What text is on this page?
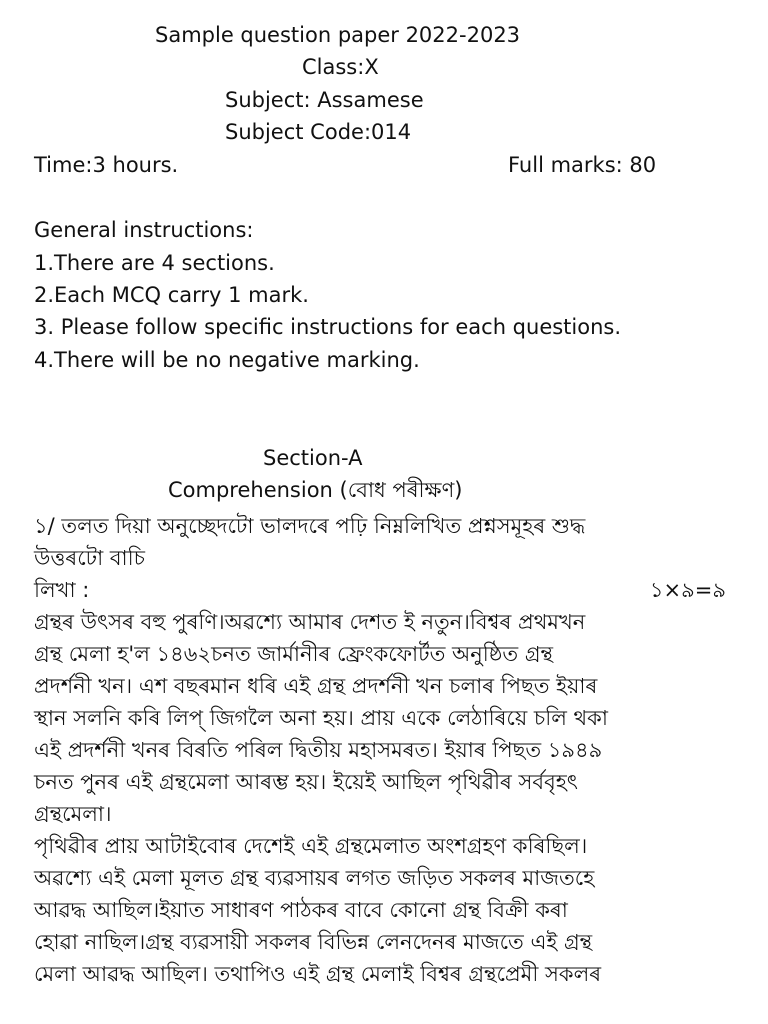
Sample question paper 2022-2023
Class:X
Subject: Assamese
Subject Code:014
Time:3 hours.	Full marks: 80
General instructions:
1.There are 4 sections.
2.Each MCQ carry 1 mark.
3. Please follow specific instructions for each questions.
4.There will be no negative marking.
Section-A
Comprehension (বোধ পৰীক্ষণ)
১/ তলত দিয়া অনুচ্ছেদটো ভালদৰে পঢ়ি নিম্নলিখিত প্ৰশ্নসমূহৰ শুদ্ধ
উত্তৰটো বাচি
লিখা :	১×৯=৯
গ্ৰন্থৰ উৎসৰ বহু পুৰণি।অৱশ্যে আমাৰ দেশত ই নতুন।বিশ্বৰ প্ৰথমখন
গ্ৰন্থ মেলা হ'ল ১৪৬২চনত জাৰ্মানীৰ ফ্ৰেংকফোৰ্টত অনুষ্ঠিত গ্ৰন্থ
প্ৰদৰ্শনী খন। এশ বছৰমান ধৰি এই গ্ৰন্থ প্ৰদৰ্শনী খন চলাৰ পিছত ইয়াৰ
স্থান সলনি কৰি লিপ্‌ জিগলৈ অনা হয়। প্ৰায় একে লেঠাৰিয়ে চলি থকা
এই প্ৰদৰ্শনী খনৰ বিৰতি পৰিল দ্বিতীয় মহাসমৰত। ইয়াৰ পিছত ১৯৪৯
চনত পুনৰ এই গ্ৰন্থমেলা আৰম্ভ হয়। ইয়েই আছিল পৃথিৱীৰ সৰ্ববৃহৎ
গ্ৰন্থমেলা।
পৃথিৱীৰ প্ৰায় আটাইবোৰ দেশেই এই গ্ৰন্থমেলাত অংশগ্ৰহণ কৰিছিল।
অৱশ্যে এই মেলা মূলত গ্ৰন্থ ব্যৱসায়ৰ লগত জড়িত সকলৰ মাজতহে
আৱদ্ধ আছিল।ইয়াত সাধাৰণ পাঠকৰ বাবে কোনো গ্ৰন্থ বিক্ৰী কৰা
হোৱা নাছিল।গ্ৰন্থ ব্যৱসায়ী সকলৰ বিভিন্ন লেনদেনৰ মাজতে এই গ্ৰন্থ
মেলা আৱদ্ধ আছিল। তথাপিও এই গ্ৰন্থ মেলাই বিশ্বৰ গ্ৰন্থপ্ৰেমী সকলৰ
